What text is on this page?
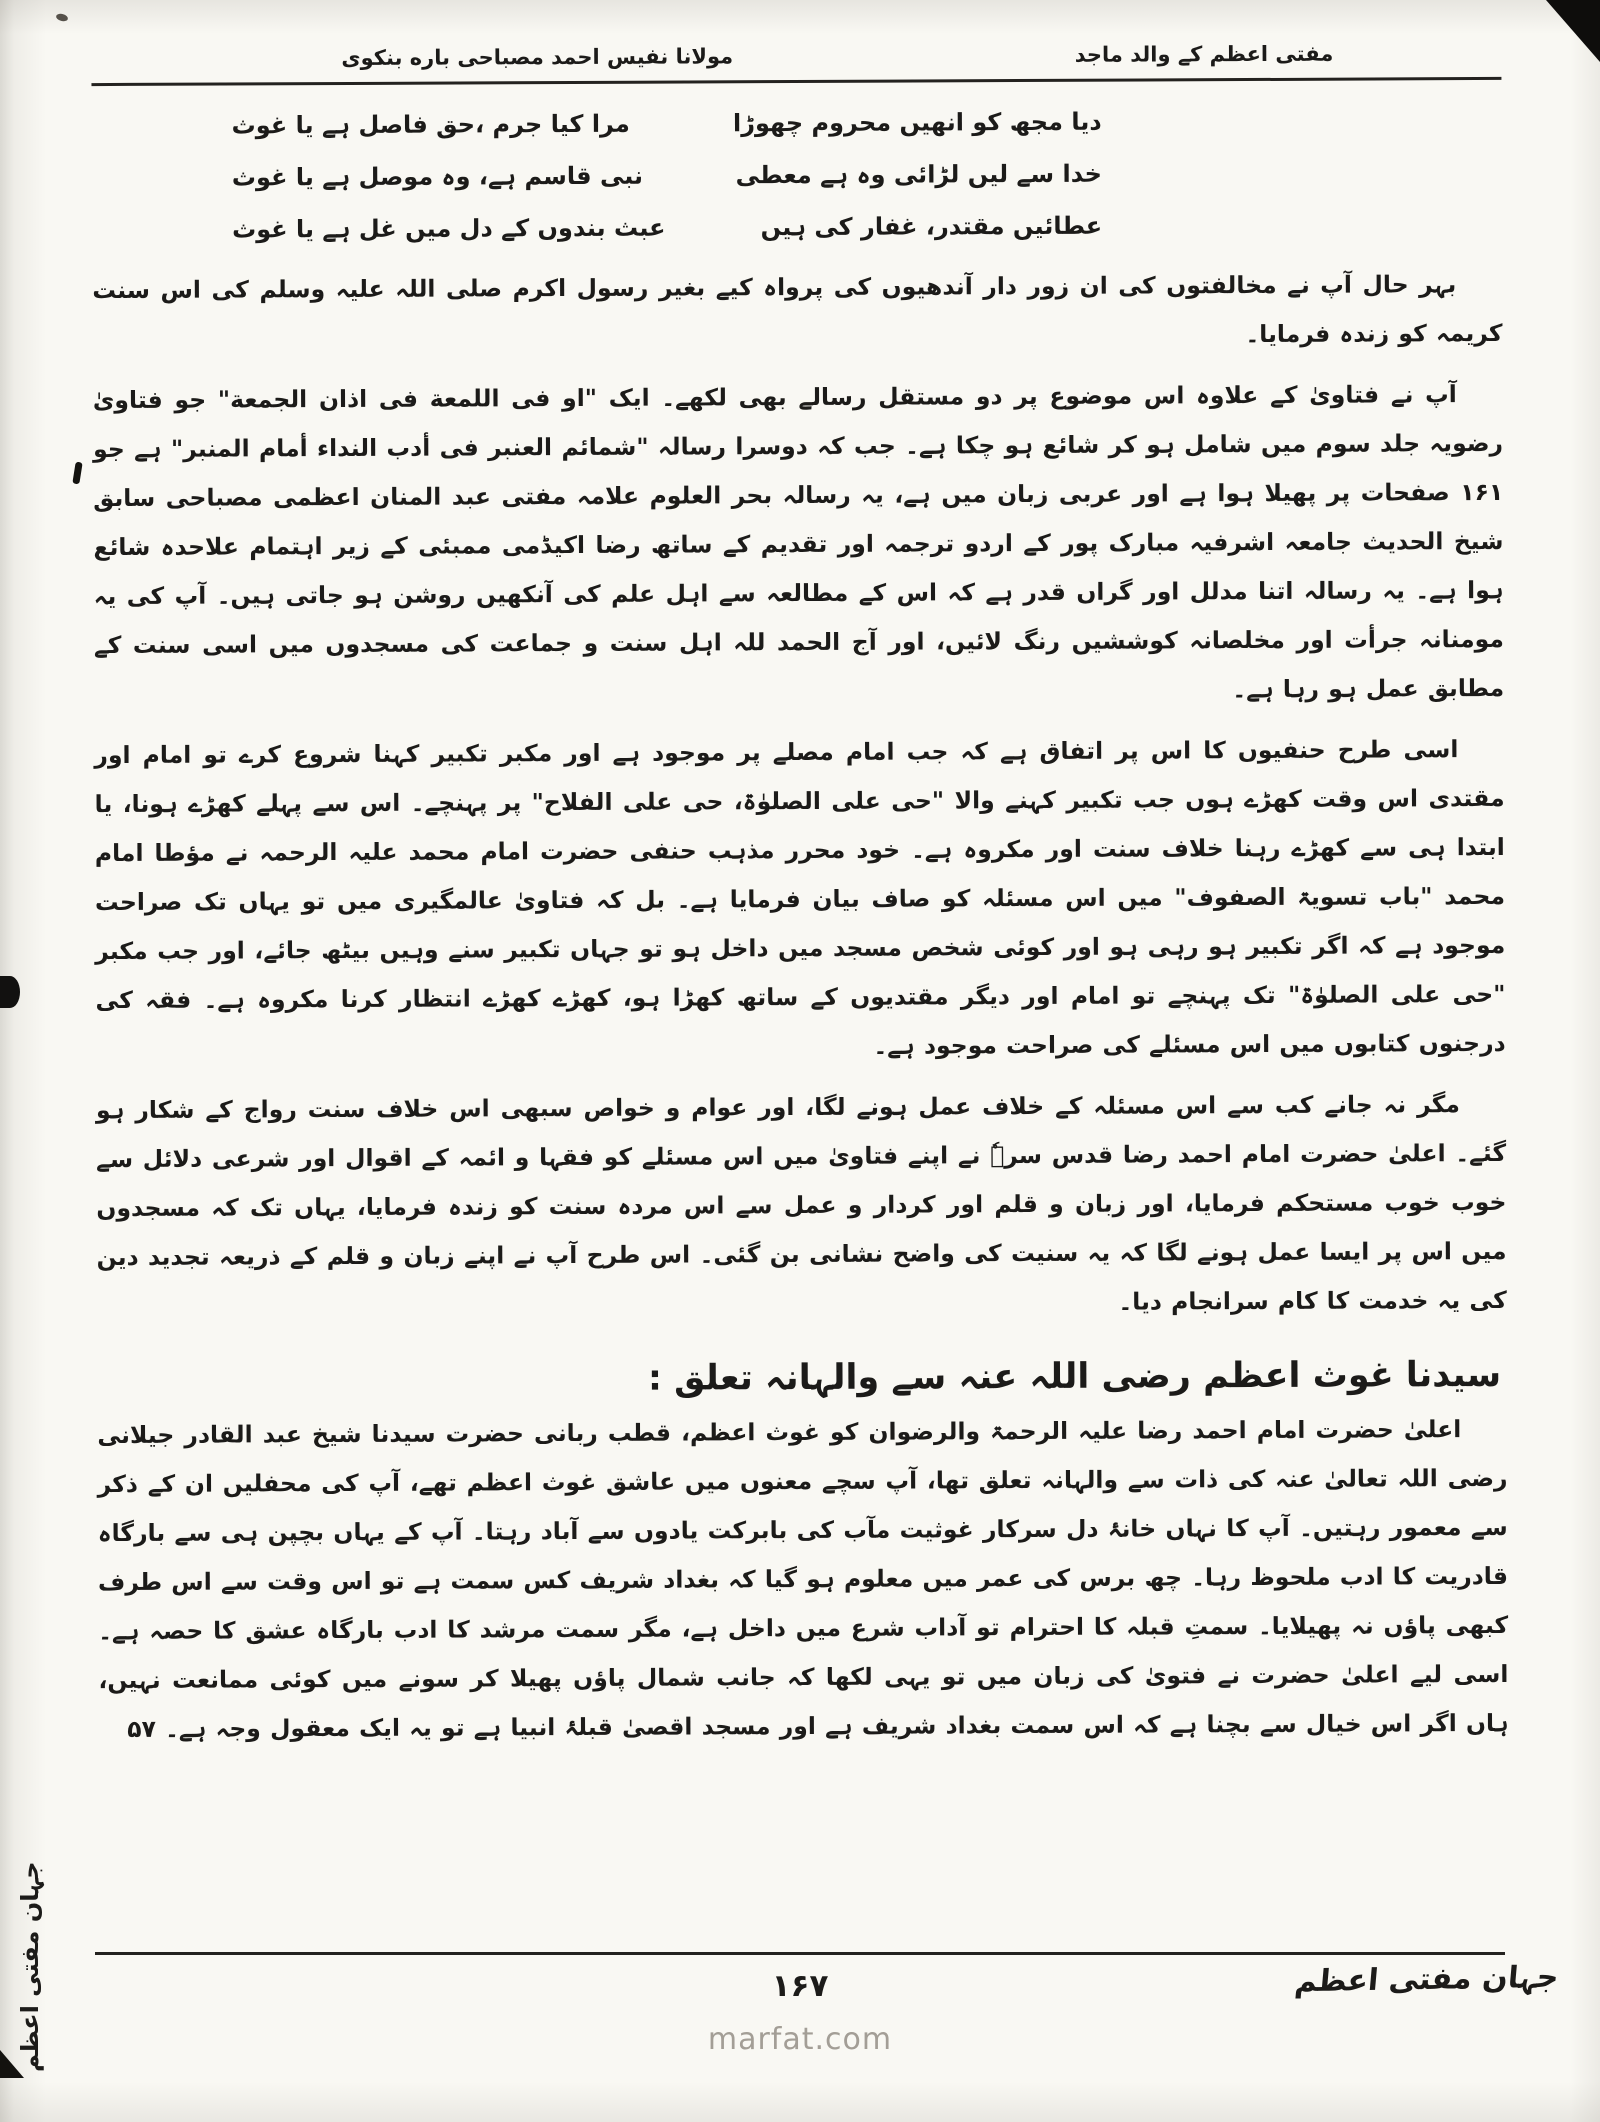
مفتی اعظم کے والد ماجد
مولانا نفیس احمد مصباحی باره بنکوی
دیا مجھ کو انھیں محروم چھوڑا
مرا کیا جرم ،حق فاصل ہے یا غوث
خدا سے لیں لڑائی وہ ہے معطی
نبی قاسم ہے، وہ موصل ہے یا غوث
عطائیں مقتدر، غفار کی ہیں
عبث بندوں کے دل میں غل ہے یا غوث

بہر حال آپ نے مخالفتوں کی ان زور دار آندھیوں کی پرواہ کیے بغیر رسول اکرم صلی اللہ علیہ وسلم کی اس سنت کریمہ کو زندہ فرمایا۔

آپ نے فتاویٰ کے علاوہ اس موضوع پر دو مستقل رسالے بھی لکھے۔ ایک "او فی اللمعة فی اذان الجمعة" جو فتاویٰ رضویہ جلد سوم میں شامل ہو کر شائع ہو چکا ہے۔ جب کہ دوسرا رسالہ "شمائم العنبر فی أدب النداء أمام المنبر" ہے جو ۱۶۱ صفحات پر پھیلا ہوا ہے اور عربی زبان میں ہے، یہ رسالہ بحر العلوم علامہ مفتی عبد المنان اعظمی مصباحی سابق شیخ الحدیث جامعہ اشرفیہ مبارک پور کے اردو ترجمہ اور تقدیم کے ساتھ رضا اکیڈمی ممبئی کے زیر اہتمام علاحدہ شائع ہوا ہے۔ یہ رسالہ اتنا مدلل اور گراں قدر ہے کہ اس کے مطالعہ سے اہل علم کی آنکھیں روشن ہو جاتی ہیں۔ آپ کی یہ مومنانہ جرأت اور مخلصانہ کوششیں رنگ لائیں، اور آج الحمد للہ اہل سنت و جماعت کی مسجدوں میں اسی سنت کے مطابق عمل ہو رہا ہے۔

اسی طرح حنفیوں کا اس پر اتفاق ہے کہ جب امام مصلے پر موجود ہے اور مکبر تکبیر کہنا شروع کرے تو امام اور مقتدی اس وقت کھڑے ہوں جب تکبیر کہنے والا "حی علی الصلوٰۃ، حی علی الفلاح" پر پہنچے۔ اس سے پہلے کھڑے ہونا، یا ابتدا ہی سے کھڑے رہنا خلاف سنت اور مکروہ ہے۔ خود محرر مذہب حنفی حضرت امام محمد علیہ الرحمہ نے مؤطا امام محمد "باب تسویۃ الصفوف" میں اس مسئلہ کو صاف بیان فرمایا ہے۔ بل کہ فتاویٰ عالمگیری میں تو یہاں تک صراحت موجود ہے کہ اگر تکبیر ہو رہی ہو اور کوئی شخص مسجد میں داخل ہو تو جہاں تکبیر سنے وہیں بیٹھ جائے، اور جب مکبر "حی علی الصلوٰۃ" تک پہنچے تو امام اور دیگر مقتدیوں کے ساتھ کھڑا ہو، کھڑے کھڑے انتظار کرنا مکروہ ہے۔ فقہ کی درجنوں کتابوں میں اس مسئلے کی صراحت موجود ہے۔

مگر نہ جانے کب سے اس مسئلہ کے خلاف عمل ہونے لگا، اور عوام و خواص سبھی اس خلاف سنت رواج کے شکار ہو گئے۔ اعلیٰ حضرت امام احمد رضا قدس سرہٗ نے اپنے فتاویٰ میں اس مسئلے کو فقہا و ائمہ کے اقوال اور شرعی دلائل سے خوب خوب مستحکم فرمایا، اور زبان و قلم اور کردار و عمل سے اس مردہ سنت کو زندہ فرمایا، یہاں تک کہ مسجدوں میں اس پر ایسا عمل ہونے لگا کہ یہ سنیت کی واضح نشانی بن گئی۔ اس طرح آپ نے اپنے زبان و قلم کے ذریعہ تجدید دین کی یہ خدمت کا کام سرانجام دیا۔

سیدنا غوث اعظم رضی اللہ عنہ سے والہانہ تعلق :

اعلیٰ حضرت امام احمد رضا علیہ الرحمۃ والرضوان کو غوث اعظم، قطب ربانی حضرت سیدنا شیخ عبد القادر جیلانی رضی اللہ تعالیٰ عنہ کی ذات سے والہانہ تعلق تھا، آپ سچے معنوں میں عاشق غوث اعظم تھے، آپ کی محفلیں ان کے ذکر سے معمور رہتیں۔ آپ کا نہاں خانۂ دل سرکار غوثیت مآب کی بابرکت یادوں سے آباد رہتا۔ آپ کے یہاں بچپن ہی سے بارگاہ قادریت کا ادب ملحوظ رہا۔ چھ برس کی عمر میں معلوم ہو گیا کہ بغداد شریف کس سمت ہے تو اس وقت سے اس طرف کبھی پاؤں نہ پھیلایا۔ سمتِ قبلہ کا احترام تو آداب شرع میں داخل ہے، مگر سمت مرشد کا ادب بارگاہ عشق کا حصہ ہے۔ اسی لیے اعلیٰ حضرت نے فتویٰ کی زبان میں تو یہی لکھا کہ جانب شمال پاؤں پھیلا کر سونے میں کوئی ممانعت نہیں، ہاں اگر اس خیال سے بچنا ہے کہ اس سمت بغداد شریف ہے اور مسجد اقصیٰ قبلۂ انبیا ہے تو یہ ایک معقول وجہ ہے۔ ۵۷

۱۶۷	جہان مفتی اعظم
جہان مفتی اعظم	marfat.com
